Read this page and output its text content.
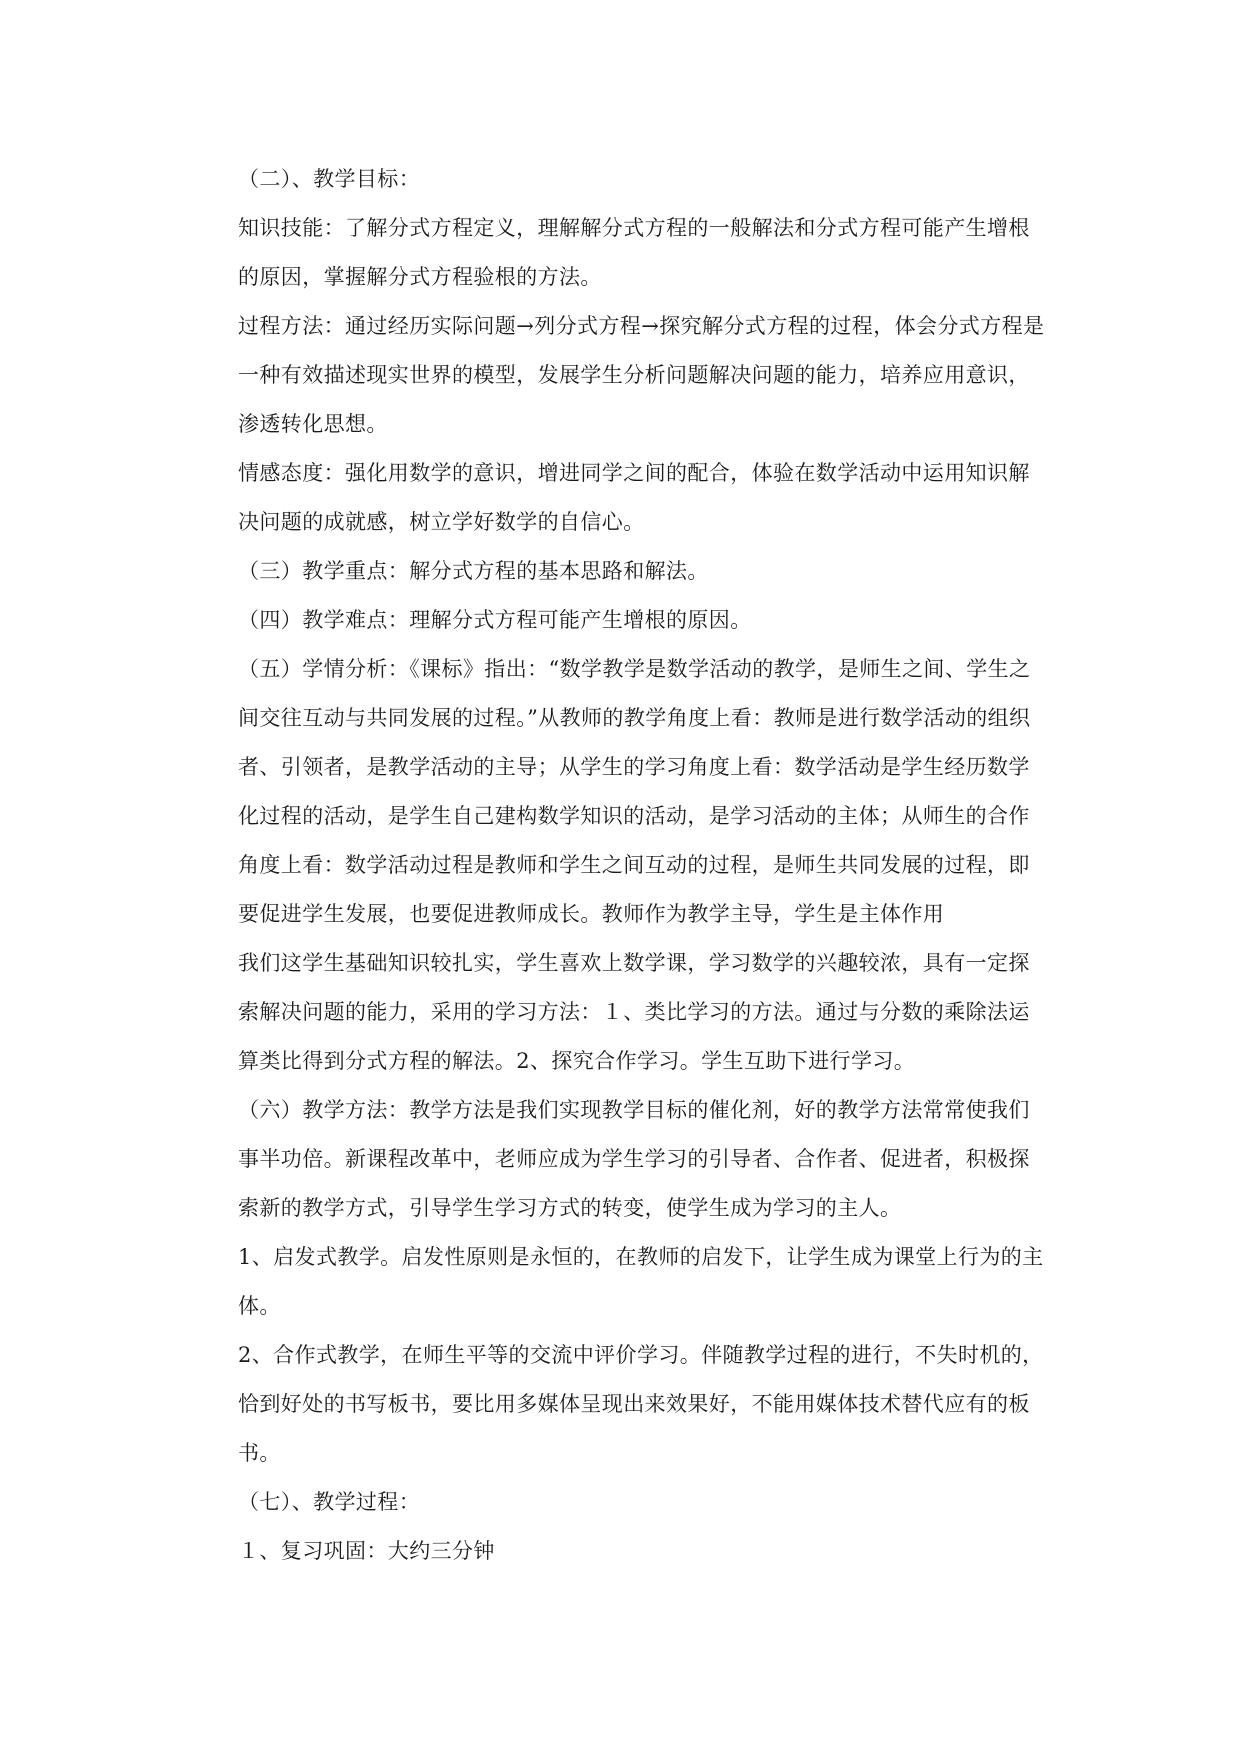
（二）、教学目标：

知识技能：了解分式方程定义，理解解分式方程的一般解法和分式方程可能产生增根的原因，掌握解分式方程验根的方法。

过程方法：通过经历实际问题→列分式方程→探究解分式方程的过程，体会分式方程是一种有效描述现实世界的模型，发展学生分析问题解决问题的能力，培养应用意识，渗透转化思想。

情感态度：强化用数学的意识，增进同学之间的配合，体验在数学活动中运用知识解决问题的成就感，树立学好数学的自信心。

（三）教学重点：解分式方程的基本思路和解法。

（四）教学难点：理解分式方程可能产生增根的原因。

（五）学情分析：《课标》指出：“数学教学是数学活动的教学，是师生之间、学生之间交往互动与共同发展的过程。”从教师的教学角度上看：教师是进行数学活动的组织者、引领者，是教学活动的主导；从学生的学习角度上看：数学活动是学生经历数学化过程的活动，是学生自己建构数学知识的活动，是学习活动的主体；从师生的合作角度上看：数学活动过程是教师和学生之间互动的过程，是师生共同发展的过程，即要促进学生发展，也要促进教师成长。教师作为教学主导，学生是主体作用

我们这学生基础知识较扎实，学生喜欢上数学课，学习数学的兴趣较浓，具有一定探索解决问题的能力，采用的学习方法：１、类比学习的方法。通过与分数的乘除法运算类比得到分式方程的解法。2、探究合作学习。学生互助下进行学习。

（六）教学方法：教学方法是我们实现教学目标的催化剂，好的教学方法常常使我们事半功倍。新课程改革中，老师应成为学生学习的引导者、合作者、促进者，积极探索新的教学方式，引导学生学习方式的转变，使学生成为学习的主人。

1、启发式教学。启发性原则是永恒的，在教师的启发下，让学生成为课堂上行为的主体。

2、合作式教学，在师生平等的交流中评价学习。伴随教学过程的进行，不失时机的，恰到好处的书写板书，要比用多媒体呈现出来效果好，不能用媒体技术替代应有的板书。

（七）、教学过程：

１、复习巩固：大约三分钟
